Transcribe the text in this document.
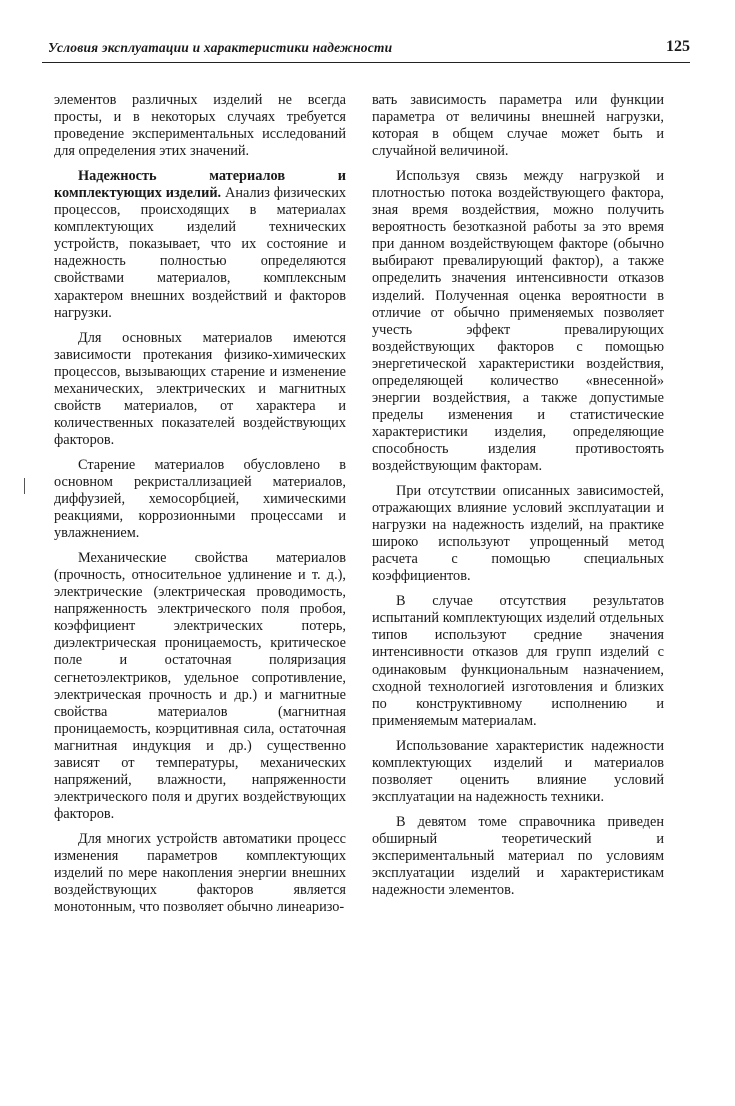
Условия эксплуатации и характеристики надежности	125

элементов различных изделий не всегда просты, и в некоторых случаях требуется проведение экспериментальных исследований для определения этих значений.

Надежность материалов и комплектующих изделий. Анализ физических процессов, происходящих в материалах комплектующих изделий технических устройств, показывает, что их состояние и надежность полностью определяются свойствами материалов, комплексным характером внешних воздействий и факторов нагрузки.

Для основных материалов имеются зависимости протекания физико-химических процессов, вызывающих старение и изменение механических, электрических и магнитных свойств материалов, от характера и количественных показателей воздействующих факторов.

Старение материалов обусловлено в основном рекристаллизацией материалов, диффузией, хемосорбцией, химическими реакциями, коррозионными процессами и увлажнением.

Механические свойства материалов (прочность, относительное удлинение и т. д.), электрические (электрическая проводимость, напряженность электрического поля пробоя, коэффициент электрических потерь, диэлектрическая проницаемость, критическое поле и остаточная поляризация сегнетоэлектриков, удельное сопротивление, электрическая прочность и др.) и магнитные свойства материалов (магнитная проницаемость, коэрцитивная сила, остаточная магнитная индукция и др.) существенно зависят от температуры, механических напряжений, влажности, напряженности электрического поля и других воздействующих факторов.

Для многих устройств автоматики процесс изменения параметров комплектующих изделий по мере накопления энергии внешних воздействующих факторов является монотонным, что позволяет обычно линеаризо-

вать зависимость параметра или функции параметра от величины внешней нагрузки, которая в общем случае может быть и случайной величиной.

Используя связь между нагрузкой и плотностью потока воздействующего фактора, зная время воздействия, можно получить вероятность безотказной работы за это время при данном воздействующем факторе (обычно выбирают превалирующий фактор), а также определить значения интенсивности отказов изделий. Полученная оценка вероятности в отличие от обычно применяемых позволяет учесть эффект превалирующих воздействующих факторов с помощью энергетической характеристики воздействия, определяющей количество «внесенной» энергии воздействия, а также допустимые пределы изменения и статистические характеристики изделия, определяющие способность изделия противостоять воздействующим факторам.

При отсутствии описанных зависимостей, отражающих влияние условий эксплуатации и нагрузки на надежность изделий, на практике широко используют упрощенный метод расчета с помощью специальных коэффициентов.

В случае отсутствия результатов испытаний комплектующих изделий отдельных типов используют средние значения интенсивности отказов для групп изделий с одинаковым функциональным назначением, сходной технологией изготовления и близких по конструктивному исполнению и применяемым материалам.

Использование характеристик надежности комплектующих изделий и материалов позволяет оценить влияние условий эксплуатации на надежность техники.

В девятом томе справочника приведен обширный теоретический и экспериментальный материал по условиям эксплуатации изделий и характеристикам надежности элементов.
